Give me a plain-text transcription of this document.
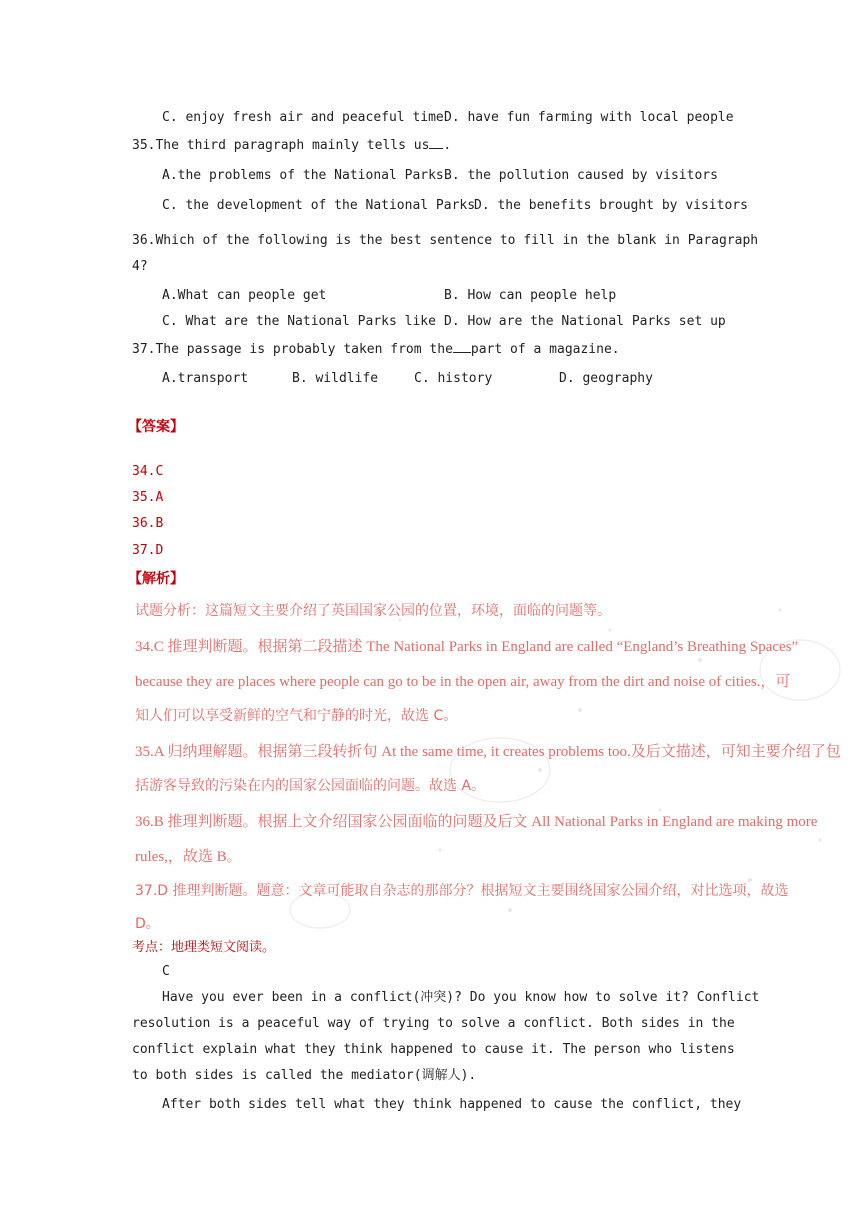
C. enjoy fresh air and peaceful time D. have fun farming with local people
35.The third paragraph mainly tells us .
A.the problems of the National Parks B. the pollution caused by visitors
C. the development of the National Parks
D. the benefits brought by visitors
36.Which of the following is the best sentence to fill in the blank in Paragraph
4?
A.What can people get	B. How can people help
C. What are the National Parks like D. How are the National Parks set up
37.The passage is probably taken from the part of a magazine.
A.transport	B. wildlife	C. history	D. geography
【答案】
34.C
35.A
36.B
37.D
【解析】
试题分析：这篇短文主要介绍了英国国家公园的位置，环境，面临的问题等。
34.C 推理判断题。根据第二段描述 The National Parks in England are called “England’s Breathing Spaces”
because they are places where people can go to be in the open air, away from the dirt and noise of cities.，可
知人们可以享受新鲜的空气和宁静的时光，故选 C。
35.A 归纳理解题。根据第三段转折句 At the same time, it creates problems too.及后文描述，可知主要介绍了包
括游客导致的污染在内的国家公园面临的问题。故选 A。
36.B 推理判断题。根据上文介绍国家公园面临的问题及后文 All National Parks in England are making more
rules,，故选 B。
37.D 推理判断题。题意：文章可能取自杂志的那部分？根据短文主要围绕国家公园介绍，对比选项，故选
D。
考点：地理类短文阅读。
C
Have you ever been in a conflict(冲突)? Do you know how to solve it? Conflict
resolution is a peaceful way of trying to solve a conflict. Both sides in the
conflict explain what they think happened to cause it. The person who listens
to both sides is called the mediator(调解人).
After both sides tell what they think happened to cause the conflict, they
